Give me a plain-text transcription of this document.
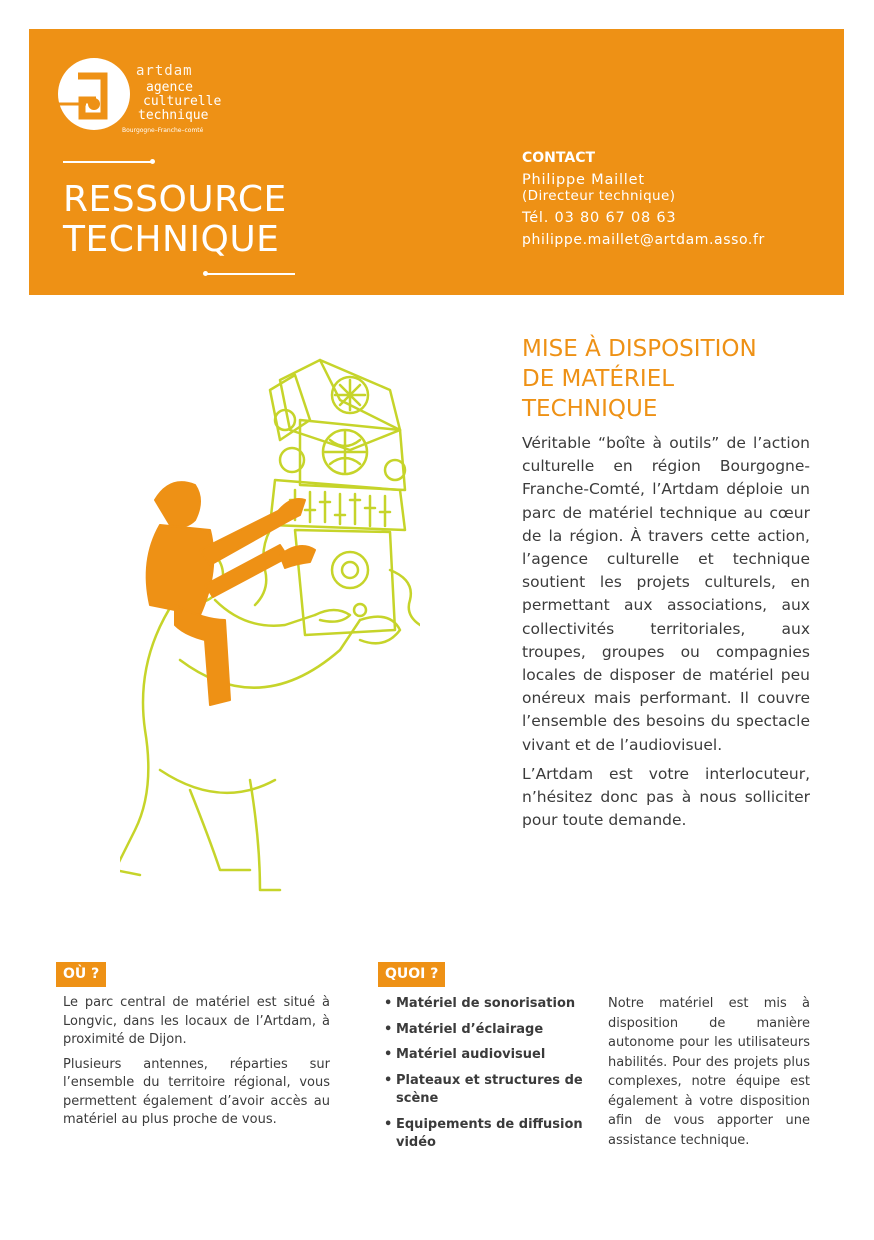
artdam
agence
culturelle
technique
Bourgogne–Franche–comté
RESSOURCE
TECHNIQUE
CONTACT
Philippe Maillet
(Directeur technique)
Tél. 03 80 67 08 63
philippe.maillet@artdam.asso.fr
MISE À DISPOSITION
DE MATÉRIEL
TECHNIQUE

Véritable “boîte à outils” de l’action culturelle en région Bourgogne-Franche-Comté, l’Artdam déploie un parc de matériel technique au cœur de la région. À travers cette action, l’agence culturelle et technique soutient les projets culturels, en permettant aux associations, aux collectivités territoriales, aux troupes, groupes ou compagnies locales de disposer de matériel peu onéreux mais performant. Il couvre l’ensemble des besoins du spectacle vivant et de l’audiovisuel.

L’Artdam est votre interlocuteur, n’hésitez donc pas à nous solliciter pour toute demande.

OÙ ?

Le parc central de matériel est situé à Longvic, dans les locaux de l’Artdam, à proximité de Dijon.

Plusieurs antennes, réparties sur l’ensemble du territoire régional, vous permettent également d’avoir accès au matériel au plus proche de vous.

QUOI ?
• Matériel de sonorisation
• Matériel d’éclairage
• Matériel audiovisuel
• Plateaux et structures de scène
• Equipements de diffusion vidéo
Notre matériel est mis à disposition de manière autonome pour les utilisateurs habilités. Pour des projets plus complexes, notre équipe est également à votre disposition afin de vous apporter une assistance technique.
